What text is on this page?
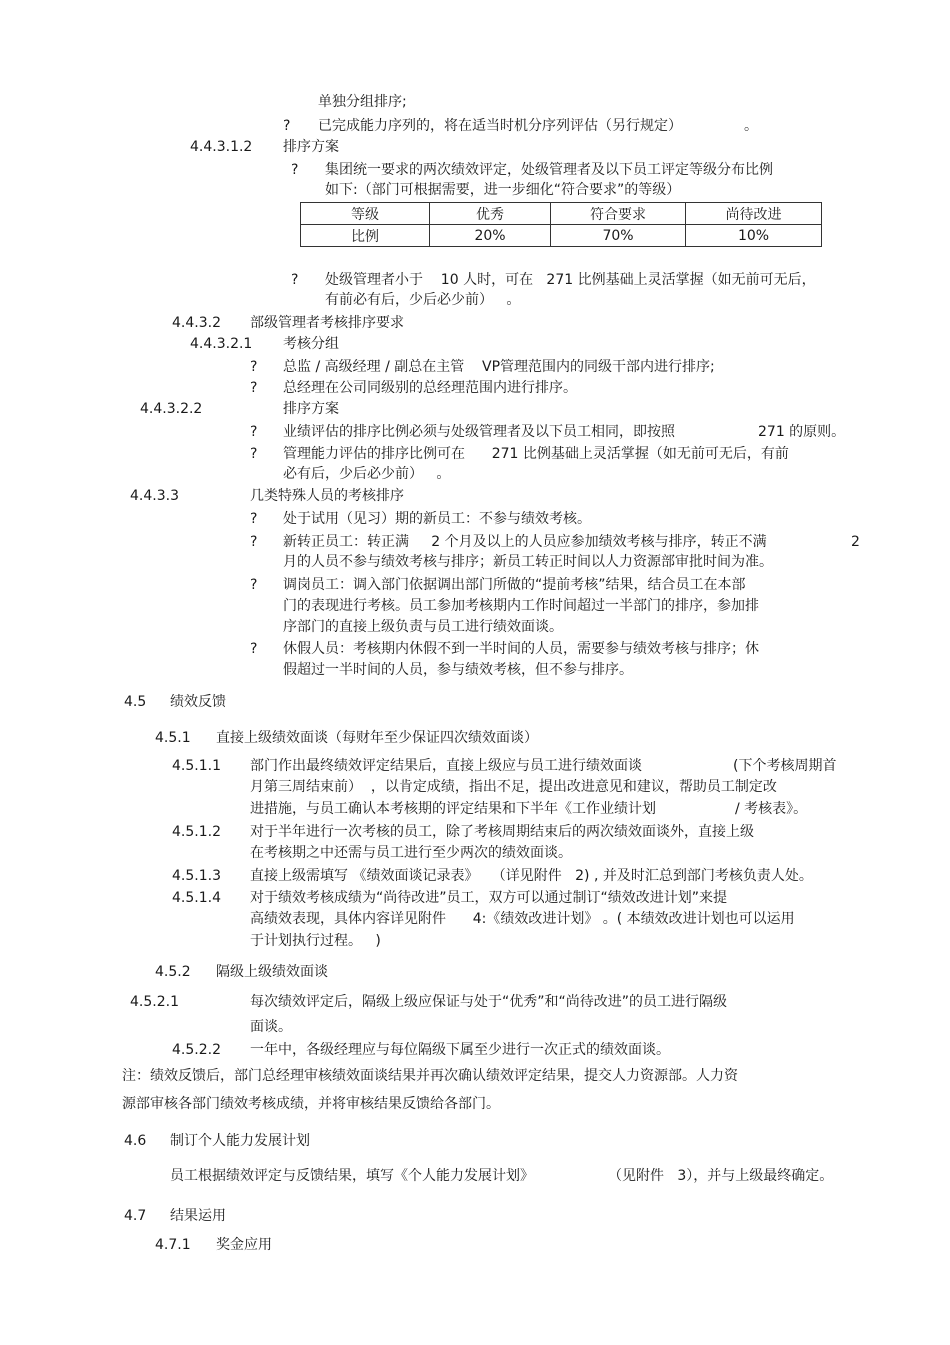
单独分组排序;
? 已完成能力序列的，将在适当时机分序列评估（另行规定）	。
4.4.3.1.2 排序方案
? 集团统一要求的两次绩效评定，处级管理者及以下员工评定等级分布比例
如下:（部门可根据需要，进一步细化“符合要求”的等级）
等级	优秀	符合要求	尚待改进
比例	20%	70%	10%
? 处级管理者小于    10 人时，可在   271 比例基础上灵活掌握（如无前可无后，
有前必有后，少后必少前）   。
4.4.3.2 部级管理者考核排序要求
4.4.3.2.1 考核分组
? 总监 / 高级经理 / 副总在主管    VP管理范围内的同级干部内进行排序;
? 总经理在公司同级别的总经理范围内进行排序。
4.4.3.2.2	排序方案
? 业绩评估的排序比例必须与处级管理者及以下员工相同，即按照	271 的原则。
? 管理能力评估的排序比例可在      271 比例基础上灵活掌握（如无前可无后，有前
必有后，少后必少前）   。
4.4.3.3	几类特殊人员的考核排序
? 处于试用（见习）期的新员工：不参与绩效考核。
? 新转正员工：转正满     2 个月及以上的人员应参加绩效考核与排序，转正不满	2
月的人员不参与绩效考核与排序；新员工转正时间以人力资源部审批时间为准。
? 调岗员工：调入部门依据调出部门所做的“提前考核”结果，结合员工在本部
门的表现进行考核。员工参加考核期内工作时间超过一半部门的排序，参加排
序部门的直接上级负责与员工进行绩效面谈。
? 休假人员：考核期内休假不到一半时间的人员，需要参与绩效考核与排序；休
假超过一半时间的人员，参与绩效考核，但不参与排序。
4.5 绩效反馈
4.5.1 直接上级绩效面谈（每财年至少保证四次绩效面谈）
4.5.1.1 部门作出最终绩效评定结果后，直接上级应与员工进行绩效面谈	(下个考核周期首
月第三周结束前）  ，以肯定成绩，指出不足，提出改进意见和建议，帮助员工制定改
进措施，与员工确认本考核期的评定结果和下半年《工作业绩计划	/ 考核表》。
4.5.1.2 对于半年进行一次考核的员工，除了考核周期结束后的两次绩效面谈外，直接上级
在考核期之中还需与员工进行至少两次的绩效面谈。
4.5.1.3 直接上级需填写 《绩效面谈记录表》   （详见附件   2) , 并及时汇总到部门考核负责人处。
4.5.1.4 对于绩效考核成绩为“尚待改进”员工，双方可以通过制订“绩效改进计划”来提
高绩效表现，具体内容详见附件      4:《绩效改进计划》 。( 本绩效改进计划也可以运用
于计划执行过程。   )
4.5.2 隔级上级绩效面谈
4.5.2.1	每次绩效评定后，隔级上级应保证与处于“优秀”和“尚待改进”的员工进行隔级
面谈。
4.5.2.2 一年中，各级经理应与每位隔级下属至少进行一次正式的绩效面谈。
注：绩效反馈后，部门总经理审核绩效面谈结果并再次确认绩效评定结果，提交人力资源部。人力资
源部审核各部门绩效考核成绩，并将审核结果反馈给各部门。
4.6 制订个人能力发展计划
员工根据绩效评定与反馈结果，填写《个人能力发展计划》	（见附件   3），并与上级最终确定。
4.7 结果运用
4.7.1 奖金应用
